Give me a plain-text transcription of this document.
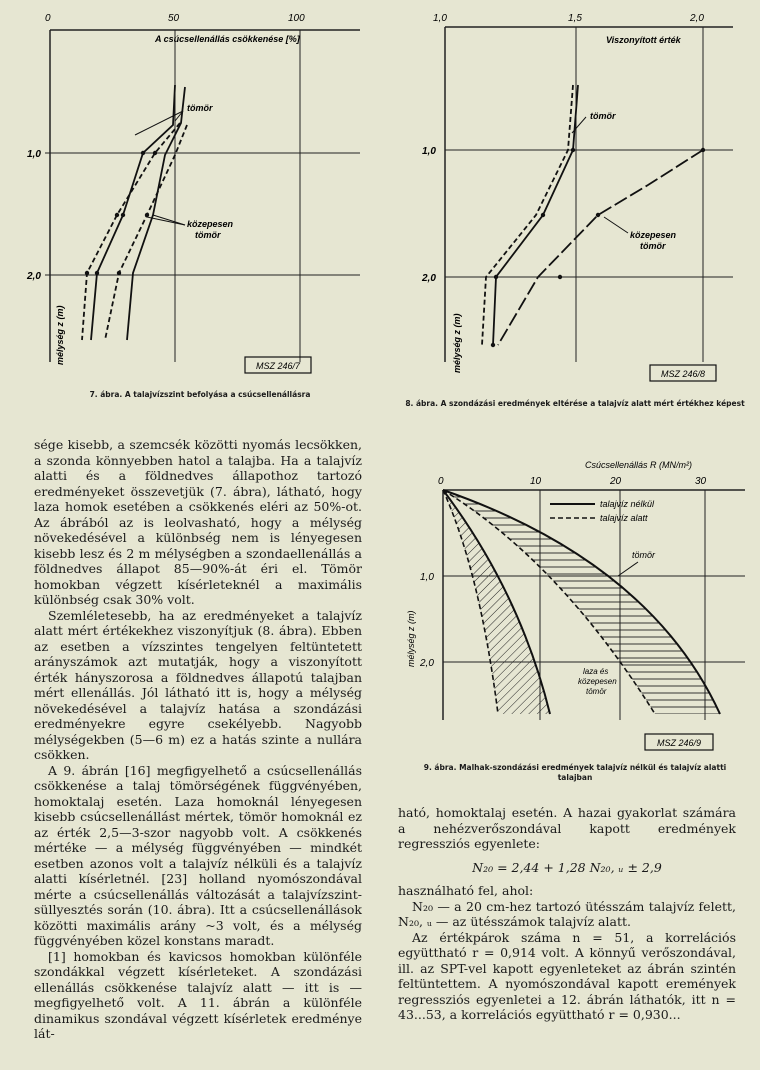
0	50	100
A csúcsellenállás csökkenése [%]
1,0
2,0
mélység z (m)
tömör
közepesen
tömör
MSZ 246/7
1,0	1,5	2,0
Viszonyított érték
1,0
2,0
mélység z (m)
tömör
közepesen
tömör
MSZ 246/8
0	10	20	30
Csúcsellenállás R (MN/m²)
1,0
2,0
mélység z (m)
talajvíz nélkül
talajvíz alatt
tömör
laza és
közepesen
tömör
MSZ 246/9
7. ábra. A talajvízszint befolyása a csúcsellenállásra
8. ábra. A szondázási eredmények eltérése a talajvíz alatt mért értékhez képest
9. ábra. Malhak-szondázási eredmények talajvíz nélkül és talajvíz alatti talajban

sége kisebb, a szemcsék közötti nyomás lecsökken, a szonda könnyebben hatol a talajba. Ha a talajvíz alatti és a földnedves állapothoz tartozó eredményeket összevetjük (7. ábra), látható, hogy laza homok esetében a csökkenés eléri az 50%-ot. Az ábrából az is leolvasható, hogy a mélység növekedésével a különbség nem is lényegesen kisebb lesz és 2 m mélységben a szondaellenállás a földnedves állapot 85—90%-át éri el. Tömör homokban végzett kísérleteknél a maximális különbség csak 30% volt.

Szemléletesebb, ha az eredményeket a talajvíz alatt mért értékekhez viszonyítjuk (8. ábra). Ebben az esetben a vízszintes tengelyen feltüntetett arányszámok azt mutatják, hogy a viszonyított érték hányszorosa a földnedves állapotú talajban mért ellenállás. Jól látható itt is, hogy a mélység növekedésével a talajvíz hatása a szondázási eredményekre egyre csekélyebb. Nagyobb mélységekben (5—6 m) ez a hatás szinte a nullára csökken.

A 9. ábrán [16] megfigyelhető a csúcsellenállás csökkenése a talaj tömörségének függvényében, homoktalaj esetén. Laza homoknál lényegesen kisebb csúcsellenállást mértek, tömör homoknál ez az érték 2,5—3-szor nagyobb volt. A csökkenés mértéke — a mélység függvényében — mindkét esetben azonos volt a talajvíz nélküli és a talajvíz alatti kísérletnél. [23] holland nyomószondával mérte a csúcsellenállás változását a talajvízszint-süllyesztés során (10. ábra). Itt a csúcsellenállások közötti maximális arány ~3 volt, és a mélység függvényében közel konstans maradt.

[1] homokban és kavicsos homokban különféle szondákkal végzett kísérleteket. A szondázási ellenállás csökkenése talajvíz alatt — itt is — megfigyelhető volt. A 11. ábrán a különféle dinamikus szondával végzett kísérletek eredménye lát-

ható, homoktalaj esetén. A hazai gyakorlat számára a nehézverőszondával kapott eredmények regressziós egyenlete:

N₂₀ = 2,44 + 1,28 N₂₀, ᵤ ± 2,9

használható fel, ahol:

N₂₀ — a 20 cm-hez tartozó ütésszám talajvíz felett, N₂₀, ᵤ — az ütésszámok talajvíz alatt.

Az értékpárok száma n = 51, a korrelációs együttható r = 0,914 volt. A könnyű verőszondával, ill. az SPT-vel kapott egyenleteket az ábrán szintén feltüntettem. A nyomószondával kapott eremények regressziós egyenletei a 12. ábrán láthatók, itt n = 43...53, a korrelációs együttható r = 0,930...
